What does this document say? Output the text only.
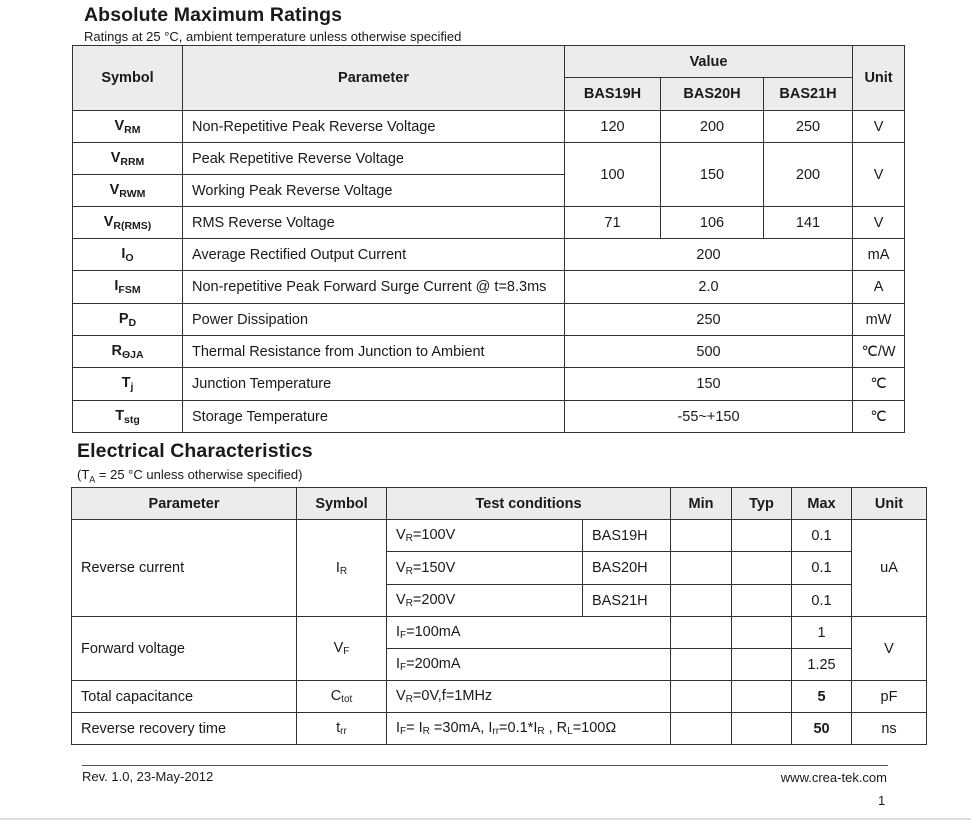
Absolute Maximum Ratings
Ratings at 25 °C, ambient temperature unless otherwise specified
Symbol	Parameter	Value			Unit
		BAS19H	BAS20H	BAS21H	
$V_{RM}$	Non-Repetitive Peak Reverse Voltage	120	200	250	V
$V_{RRM}$	Peak Repetitive Reverse Voltage	100	150	200	V
$V_{RWM}$	Working Peak Reverse Voltage				
$V_{R(RMS)}$	RMS Reverse Voltage	71	106	141	V
$I_O$	Average Rectified Output Current	200			mA
$I_{FSM}$	Non-repetitive Peak Forward Surge Current @ t=8.3ms	2.0			A
$P_D$	Power Dissipation	250			mW
$R_{\Theta JA}$	Thermal Resistance from Junction to Ambient	500			℃/W
$T_j$	Junction Temperature	150			℃
$T_{stg}$	Storage Temperature	-55~+150			℃
Electrical Characteristics
($T_A = 25$ °C unless otherwise specified)
Parameter	Symbol	Test conditions		Min	Typ	Max	Unit
Reverse current	$I_R$	$V_R=100V$	BAS19H			0.1	uA
		$V_R=150V$	BAS20H			0.1	
		$V_R=200V$	BAS21H			0.1	
Forward voltage	$V_F$	$I_F=100mA$				1	V
		$I_F=200mA$				1.25	
Total capacitance	$C_{tot}$	$V_R=0V,f=1MHz$				5	pF
Reverse recovery time	$t_{rr}$	$I_F= I_R =30mA$, $I_{rr}=0.1*I_R$ , $R_L=100\Omega$				50	ns
Rev. 1.0, 23-May-2012	www.crea-tek.com
1
